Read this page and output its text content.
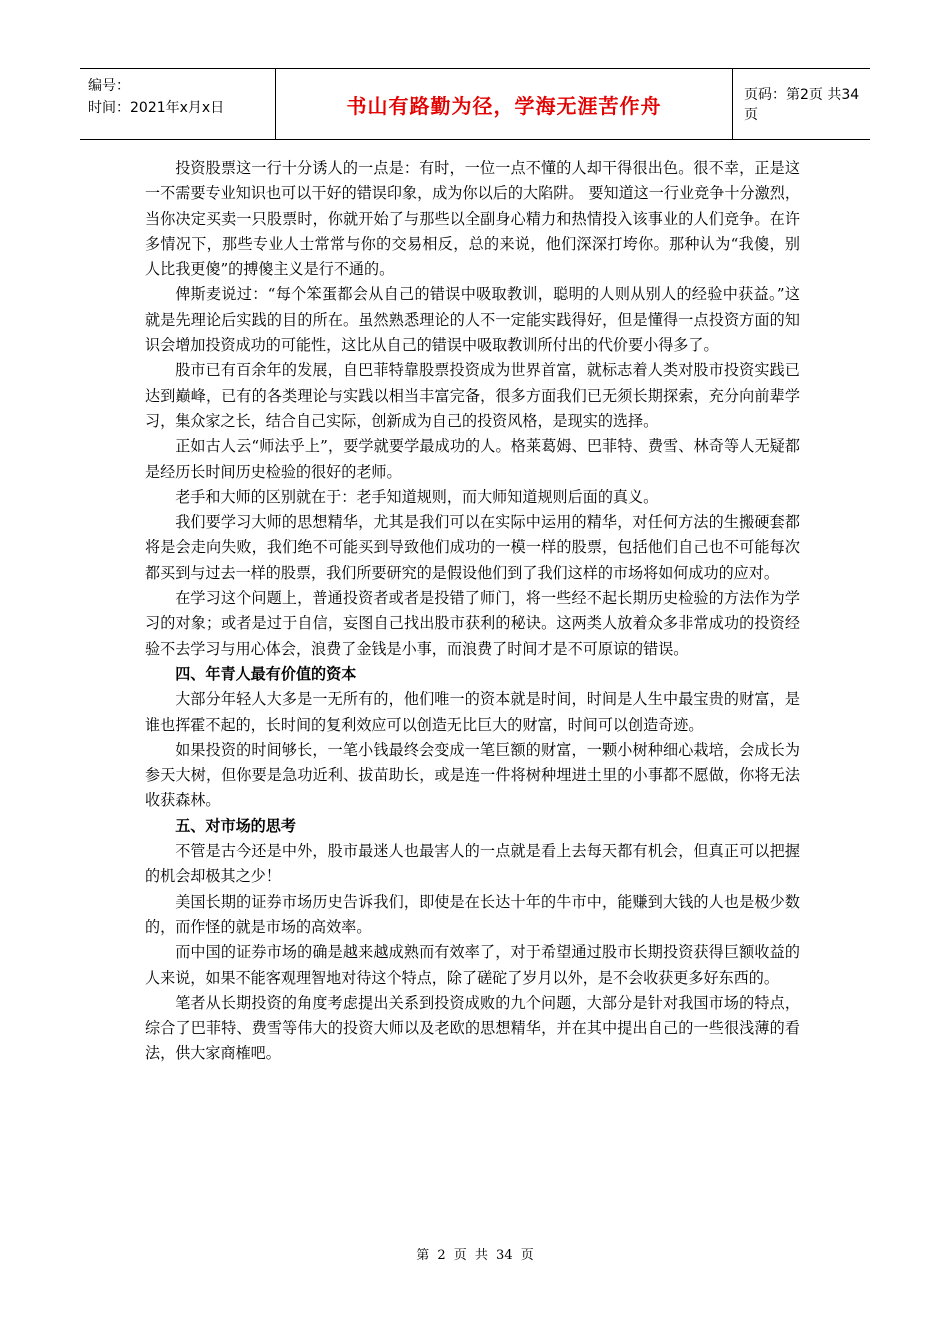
编号：
时间：2021年x月x日	书山有路勤为径，学海无涯苦作舟	页码：第2页 共34页

投资股票这一行十分诱人的一点是：有时，一位一点不懂的人却干得很出色。很不幸，正是这一不需要专业知识也可以干好的错误印象，成为你以后的大陷阱。 要知道这一行业竞争十分激烈，当你决定买卖一只股票时，你就开始了与那些以全副身心精力和热情投入该事业的人们竞争。在许多情况下，那些专业人士常常与你的交易相反，总的来说，他们深深打垮你。那种认为“我傻，别人比我更傻”的搏傻主义是行不通的。

俾斯麦说过：“每个笨蛋都会从自己的错误中吸取教训，聪明的人则从别人的经验中获益。”这就是先理论后实践的目的所在。虽然熟悉理论的人不一定能实践得好，但是懂得一点投资方面的知识会增加投资成功的可能性，这比从自己的错误中吸取教训所付出的代价要小得多了。

股市已有百余年的发展，自巴菲特靠股票投资成为世界首富，就标志着人类对股市投资实践已达到巅峰，已有的各类理论与实践以相当丰富完备，很多方面我们已无须长期探索，充分向前辈学习，集众家之长，结合自己实际，创新成为自己的投资风格，是现实的选择。

正如古人云“师法乎上”，要学就要学最成功的人。格莱葛姆、巴菲特、费雪、林奇等人无疑都是经历长时间历史检验的很好的老师。

老手和大师的区别就在于：老手知道规则，而大师知道规则后面的真义。

我们要学习大师的思想精华，尤其是我们可以在实际中运用的精华，对任何方法的生搬硬套都将是会走向失败，我们绝不可能买到导致他们成功的一模一样的股票，包括他们自己也不可能每次都买到与过去一样的股票，我们所要研究的是假设他们到了我们这样的市场将如何成功的应对。

在学习这个问题上，普通投资者或者是投错了师门，将一些经不起长期历史检验的方法作为学习的对象；或者是过于自信，妄图自己找出股市获利的秘诀。这两类人放着众多非常成功的投资经验不去学习与用心体会，浪费了金钱是小事，而浪费了时间才是不可原谅的错误。

四、年青人最有价值的资本

大部分年轻人大多是一无所有的，他们唯一的资本就是时间，时间是人生中最宝贵的财富，是谁也挥霍不起的，长时间的复利效应可以创造无比巨大的财富，时间可以创造奇迹。

如果投资的时间够长，一笔小钱最终会变成一笔巨额的财富，一颗小树种细心栽培，会成长为参天大树，但你要是急功近利、拔苗助长，或是连一件将树种埋进土里的小事都不愿做，你将无法收获森林。

五、对市场的思考

不管是古今还是中外，股市最迷人也最害人的一点就是看上去每天都有机会，但真正可以把握的机会却极其之少！

美国长期的证券市场历史告诉我们，即使是在长达十年的牛市中，能赚到大钱的人也是极少数的，而作怪的就是市场的高效率。

而中国的证券市场的确是越来越成熟而有效率了，对于希望通过股市长期投资获得巨额收益的人来说，如果不能客观理智地对待这个特点，除了磋砣了岁月以外，是不会收获更多好东西的。

笔者从长期投资的角度考虑提出关系到投资成败的九个问题，大部分是针对我国市场的特点，综合了巴菲特、费雪等伟大的投资大师以及老欧的思想精华，并在其中提出自己的一些很浅薄的看法，供大家商榷吧。

第 2 页 共 34 页
